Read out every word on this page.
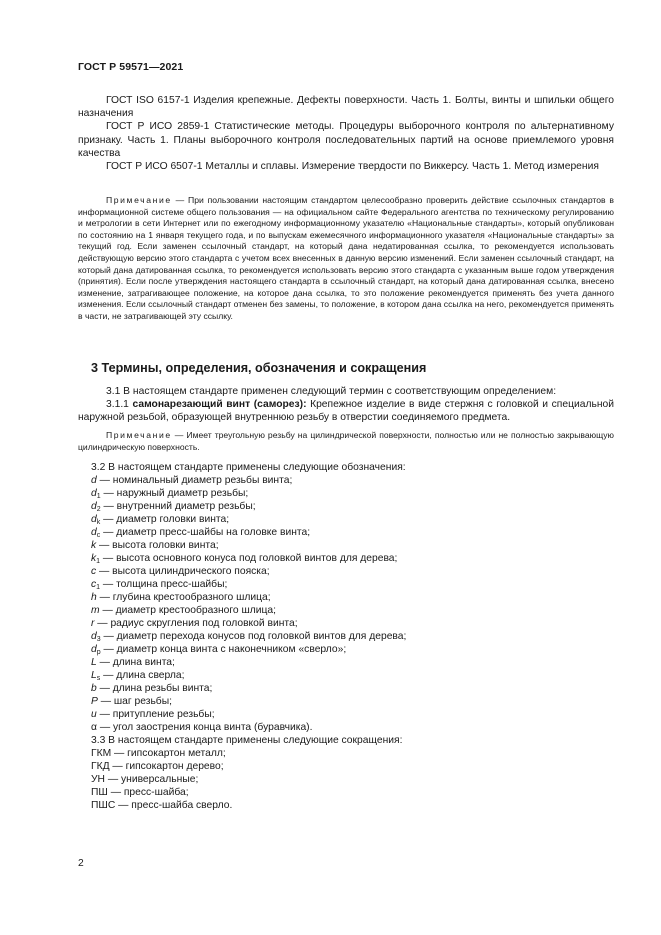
ГОСТ Р 59571—2021

ГОСТ ISO 6157-1 Изделия крепежные. Дефекты поверхности. Часть 1. Болты, винты и шпильки общего назначения

ГОСТ Р ИСО 2859-1 Статистические методы. Процедуры выборочного контроля по альтернативному признаку. Часть 1. Планы выборочного контроля последовательных партий на основе приемлемого уровня качества

ГОСТ Р ИСО 6507-1 Металлы и сплавы. Измерение твердости по Виккерсу. Часть 1. Метод измерения

Примечание — При пользовании настоящим стандартом целесообразно проверить действие ссылочных стандартов в информационной системе общего пользования — на официальном сайте Федерального агентства по техническому регулированию и метрологии в сети Интернет или по ежегодному информационному указателю «Национальные стандарты», который опубликован по состоянию на 1 января текущего года, и по выпускам ежемесячного информационного указателя «Национальные стандарты» за текущий год. Если заменен ссылочный стандарт, на который дана недатированная ссылка, то рекомендуется использовать действующую версию этого стандарта с учетом всех внесенных в данную версию изменений. Если заменен ссылочный стандарт, на который дана датированная ссылка, то рекомендуется использовать версию этого стандарта с указанным выше годом утверждения (принятия). Если после утверждения настоящего стандарта в ссылочный стандарт, на который дана датированная ссылка, внесено изменение, затрагивающее положение, на которое дана ссылка, то это положение рекомендуется применять без учета данного изменения. Если ссылочный стандарт отменен без замены, то положение, в котором дана ссылка на него, рекомендуется применять в части, не затрагивающей эту ссылку.

3 Термины, определения, обозначения и сокращения

3.1 В настоящем стандарте применен следующий термин с соответствующим определением:

3.1.1 самонарезающий винт (саморез): Крепежное изделие в виде стержня с головкой и специальной наружной резьбой, образующей внутреннюю резьбу в отверстии соединяемого предмета.

Примечание — Имеет треугольную резьбу на цилиндрической поверхности, полностью или не полностью закрывающую цилиндрическую поверхность.

3.2 В настоящем стандарте применены следующие обозначения:
d — номинальный диаметр резьбы винта;
$d_1$ — наружный диаметр резьбы;
$d_2$ — внутренний диаметр резьбы;
$d_k$ — диаметр головки винта;
$d_c$ — диаметр пресс-шайбы на головке винта;
k — высота головки винта;
$k_1$ — высота основного конуса под головкой винтов для дерева;
c — высота цилиндрического пояска;
$c_1$ — толщина пресс-шайбы;
h — глубина крестообразного шлица;
m — диаметр крестообразного шлица;
r — радиус скругления под головкой винта;
$d_3$ — диаметр перехода конусов под головкой винтов для дерева;
$d_p$ — диаметр конца винта с наконечником «сверло»;
L — длина винта;
$L_s$ — длина сверла;
b — длина резьбы винта;
P — шаг резьбы;
u — притупление резьбы;
α — угол заострения конца винта (буравчика).
3.3 В настоящем стандарте применены следующие сокращения:
ГКМ — гипсокартон металл;
ГКД — гипсокартон дерево;
УН — универсальные;
ПШ — пресс-шайба;
ПШС — пресс-шайба сверло.
2
